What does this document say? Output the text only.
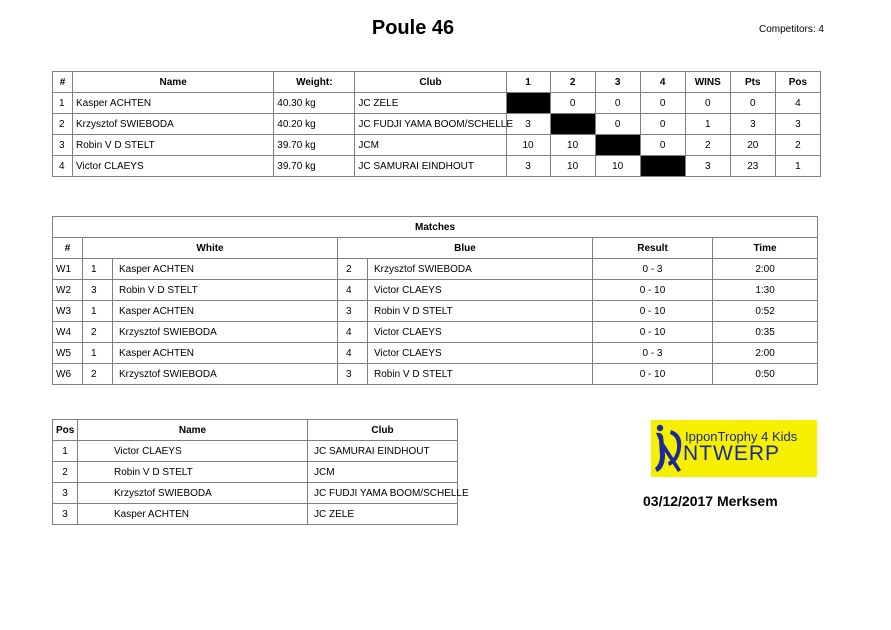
Poule 46	Competitors: 4
#	Name	Weight:	Club	1	2	3	4	WINS	Pts	Pos
1	Kasper ACHTEN	40.30 kg	JC ZELE		0	0	0	0	0	4
2	Krzysztof SWIEBODA	40.20 kg	JC FUDJI YAMA BOOM/SCHELLE	3		0	0	1	3	3
3	Robin V D STELT	39.70 kg	JCM	10	10		0	2	20	2
4	Victor CLAEYS	39.70 kg	JC SAMURAI EINDHOUT	3	10	10		3	23	1
Matches						
#	White		Blue		Result	Time
W1	1	Kasper ACHTEN	2	Krzysztof SWIEBODA	0 - 3	2:00
W2	3	Robin V D STELT	4	Victor CLAEYS	0 - 10	1:30
W3	1	Kasper ACHTEN	3	Robin V D STELT	0 - 10	0:52
W4	2	Krzysztof SWIEBODA	4	Victor CLAEYS	0 - 10	0:35
W5	1	Kasper ACHTEN	4	Victor CLAEYS	0 - 3	2:00
W6	2	Krzysztof SWIEBODA	3	Robin V D STELT	0 - 10	0:50
Pos	Name	Club
1	Victor CLAEYS	JC SAMURAI EINDHOUT
2	Robin V D STELT	JCM
3	Krzysztof SWIEBODA	JC FUDJI YAMA BOOM/SCHELLE
3	Kasper ACHTEN	JC ZELE
IpponTrophy 4 Kids
NTWERP
03/12/2017 Merksem
